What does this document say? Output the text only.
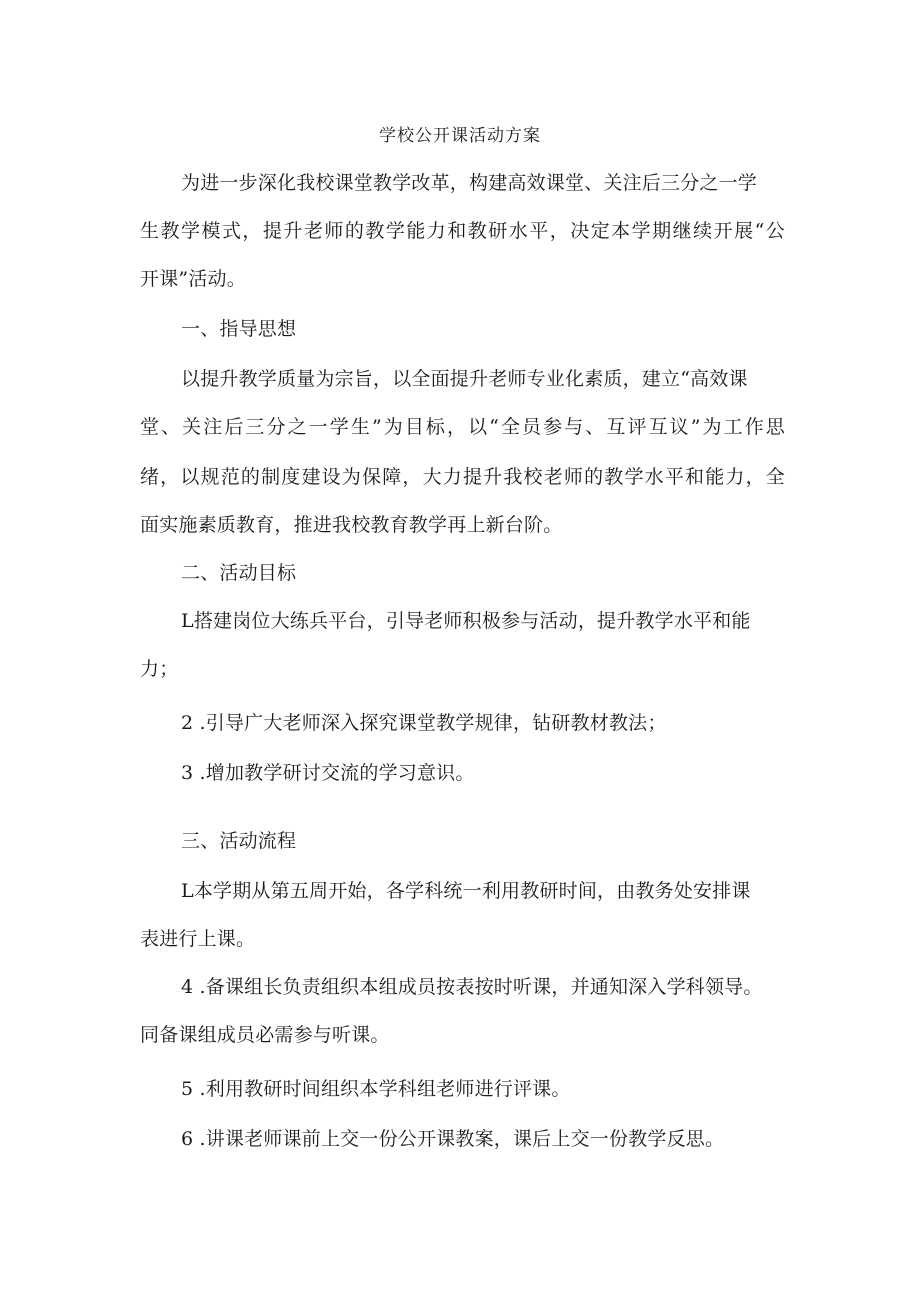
学校公开课活动方案
为进一步深化我校课堂教学改革，构建高效课堂、关注后三分之一学
生教学模式，提升老师的教学能力和教研水平，决定本学期继续开展“公
开课”活动。
一、指导思想
以提升教学质量为宗旨，以全面提升老师专业化素质，建立“高效课
堂、关注后三分之一学生”为目标，以“全员参与、互评互议”为工作思
绪，以规范的制度建设为保障，大力提升我校老师的教学水平和能力，全
面实施素质教育，推进我校教育教学再上新台阶。
二、活动目标
L搭建岗位大练兵平台，引导老师积极参与活动，提升教学水平和能
力；
2 .引导广大老师深入探究课堂教学规律，钻研教材教法；
3 .增加教学研讨交流的学习意识。
三、活动流程
L本学期从第五周开始，各学科统一利用教研时间，由教务处安排课
表进行上课。
4 .备课组长负责组织本组成员按表按时听课，并通知深入学科领导。
同备课组成员必需参与听课。
5 .利用教研时间组织本学科组老师进行评课。
6 .讲课老师课前上交一份公开课教案，课后上交一份教学反思。
